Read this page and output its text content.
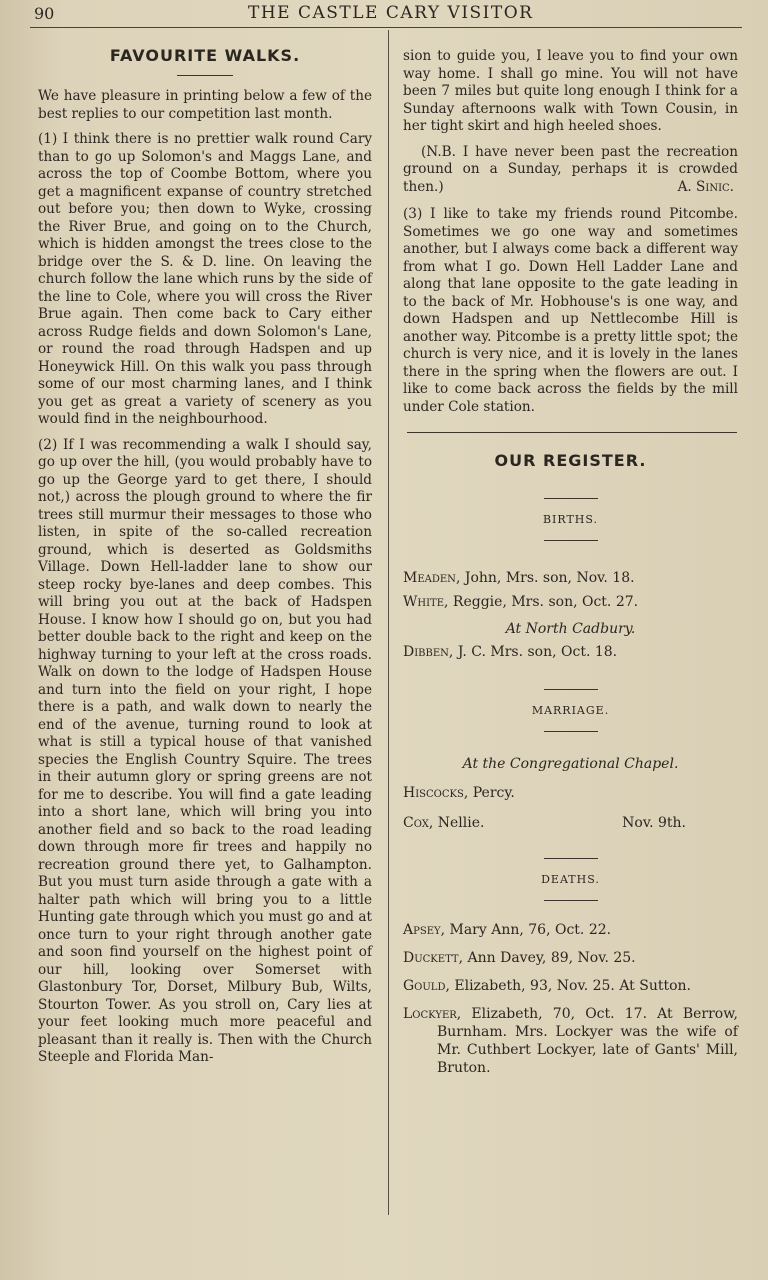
90	THE CASTLE CARY VISITOR
FAVOURITE WALKS.

We have pleasure in printing below a few of the best replies to our competition last month.

(1) I think there is no prettier walk round Cary than to go up Solomon's and Maggs Lane, and across the top of Coombe Bottom, where you get a magnificent expanse of country stretched out before you; then down to Wyke, crossing the River Brue, and going on to the Church, which is hidden amongst the trees close to the bridge over the S. & D. line. On leaving the church follow the lane which runs by the side of the line to Cole, where you will cross the River Brue again. Then come back to Cary either across Rudge fields and down Solomon's Lane, or round the road through Hadspen and up Honeywick Hill. On this walk you pass through some of our most charming lanes, and I think you get as great a variety of scenery as you would find in the neighbourhood.

(2) If I was recommending a walk I should say, go up over the hill, (you would probably have to go up the George yard to get there, I should not,) across the plough ground to where the fir trees still murmur their messages to those who listen, in spite of the so-called recreation ground, which is deserted as Goldsmiths Village. Down Hell-ladder lane to show our steep rocky bye-lanes and deep combes. This will bring you out at the back of Hadspen House. I know how I should go on, but you had better double back to the right and keep on the highway turning to your left at the cross roads. Walk on down to the lodge of Hadspen House and turn into the field on your right, I hope there is a path, and walk down to nearly the end of the avenue, turning round to look at what is still a typical house of that vanished species the English Country Squire. The trees in their autumn glory or spring greens are not for me to describe. You will find a gate leading into a short lane, which will bring you into another field and so back to the road leading down through more fir trees and happily no recreation ground there yet, to Galhampton. But you must turn aside through a gate with a halter path which will bring you to a little Hunting gate through which you must go and at once turn to your right through another gate and soon find yourself on the highest point of our hill, looking over Somerset with Glastonbury Tor, Dorset, Milbury Bub, Wilts, Stourton Tower. As you stroll on, Cary lies at your feet looking much more peaceful and pleasant than it really is. Then with the Church Steeple and Florida Man-

sion to guide you, I leave you to find your own way home. I shall go mine. You will not have been 7 miles but quite long enough I think for a Sunday afternoons walk with Town Cousin, in her tight skirt and high heeled shoes.

(N.B. I have never been past the recreation ground on a Sunday, perhaps it is crowded then.)	A. Sinic.

(3) I like to take my friends round Pitcombe. Sometimes we go one way and sometimes another, but I always come back a different way from what I go. Down Hell Ladder Lane and along that lane opposite to the gate leading in to the back of Mr. Hobhouse's is one way, and down Hadspen and up Nettlecombe Hill is another way. Pitcombe is a pretty little spot; the church is very nice, and it is lovely in the lanes there in the spring when the flowers are out. I like to come back across the fields by the mill under Cole station.

OUR REGISTER.
BIRTHS.

Meaden, John, Mrs. son, Nov. 18.

White, Reggie, Mrs. son, Oct. 27.

At North Cadbury.

Dibben, J. C. Mrs. son, Oct. 18.

MARRIAGE.
At the Congregational Chapel.

Hiscocks, Percy.

Cox, Nellie.	Nov. 9th.

DEATHS.

Apsey, Mary Ann, 76, Oct. 22.

Duckett, Ann Davey, 89, Nov. 25.

Gould, Elizabeth, 93, Nov. 25. At Sutton.

Lockyer, Elizabeth, 70, Oct. 17. At Berrow, Burnham. Mrs. Lockyer was the wife of Mr. Cuthbert Lockyer, late of Gants' Mill, Bruton.
